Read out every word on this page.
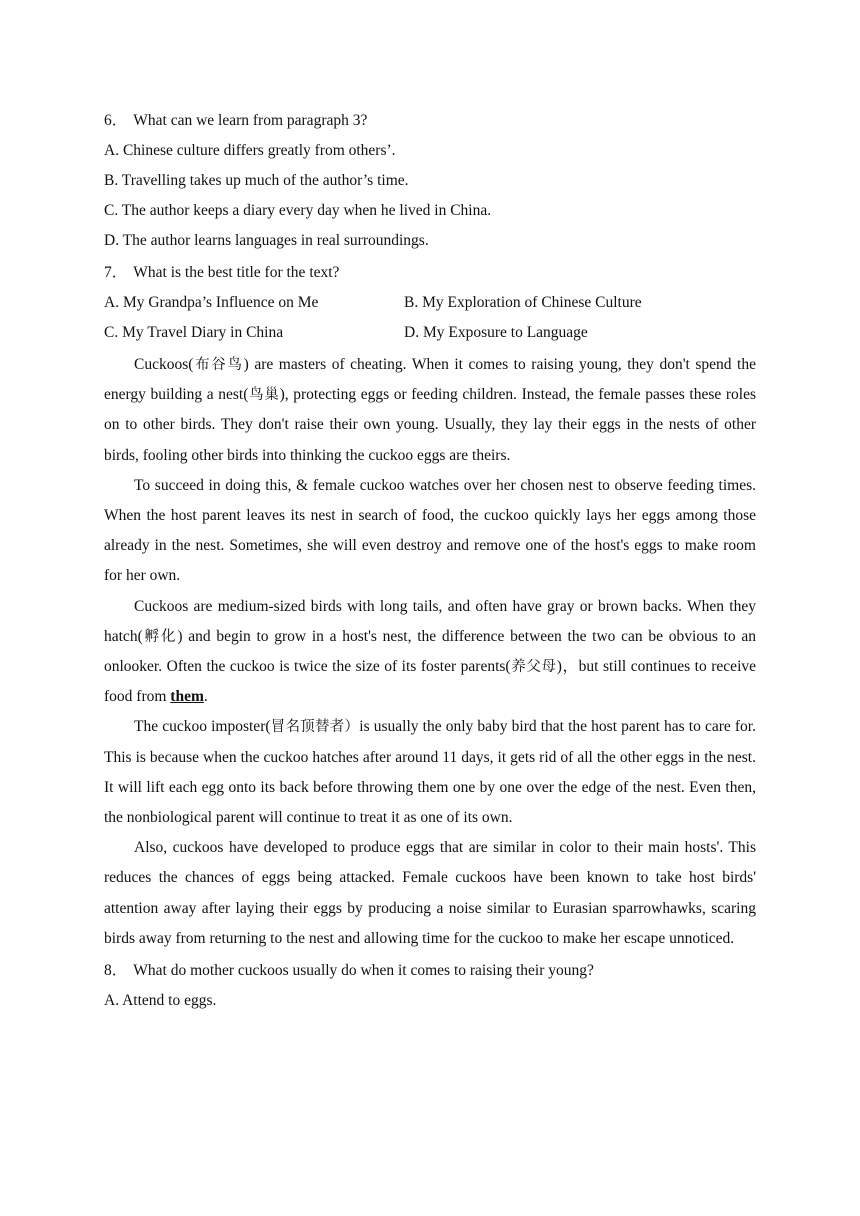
6． What can we learn from paragraph 3?
A. Chinese culture differs greatly from others’.
B. Travelling takes up much of the author’s time.
C. The author keeps a diary every day when he lived in China.
D. The author learns languages in real surroundings.
7． What is the best title for the text?
A. My Grandpa’s Influence on Me	B. My Exploration of Chinese Culture
C. My Travel Diary in China	D. My Exposure to Language

Cuckoos(布谷鸟) are masters of cheating. When it comes to raising young, they don't spend the energy building a nest(鸟巢), protecting eggs or feeding children. Instead, the female passes these roles on to other birds. They don't raise their own young. Usually, they lay their eggs in the nests of other birds, fooling other birds into thinking the cuckoo eggs are theirs.

To succeed in doing this, & female cuckoo watches over her chosen nest to observe feeding times. When the host parent leaves its nest in search of food, the cuckoo quickly lays her eggs among those already in the nest. Sometimes, she will even destroy and remove one of the host's eggs to make room for her own.

Cuckoos are medium-sized birds with long tails, and often have gray or brown backs. When they hatch(孵化) and begin to grow in a host's nest, the difference between the two can be obvious to an onlooker. Often the cuckoo is twice the size of its foster parents(养父母)，but still continues to receive food from them.

The cuckoo imposter(冒名顶替者）is usually the only baby bird that the host parent has to care for. This is because when the cuckoo hatches after around 11 days, it gets rid of all the other eggs in the nest. It will lift each egg onto its back before throwing them one by one over the edge of the nest. Even then, the nonbiological parent will continue to treat it as one of its own.

Also, cuckoos have developed to produce eggs that are similar in color to their main hosts'. This reduces the chances of eggs being attacked. Female cuckoos have been known to take host birds' attention away after laying their eggs by producing a noise similar to Eurasian sparrowhawks, scaring birds away from returning to the nest and allowing time for the cuckoo to make her escape unnoticed.

8． What do mother cuckoos usually do when it comes to raising their young?
A. Attend to eggs.
